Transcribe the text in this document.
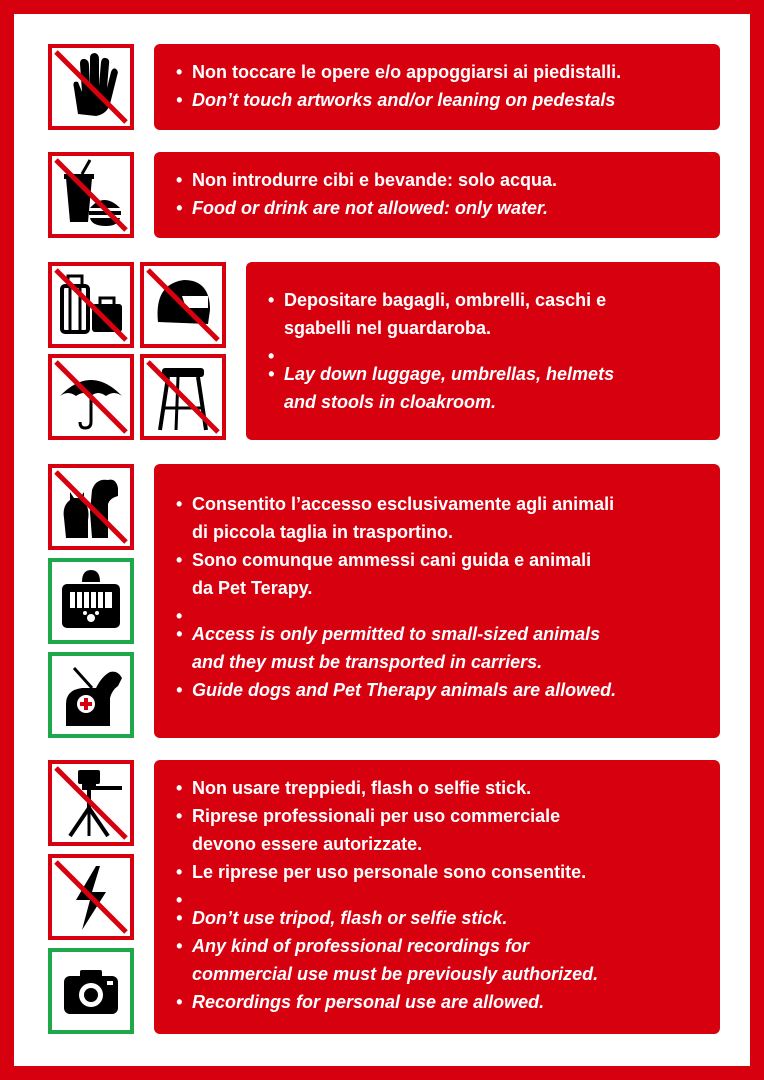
• Non toccare le opere e/o appoggiarsi ai piedistalli.
• Don’t touch artworks and/or leaning on pedestals
• Non introdurre cibi e bevande: solo acqua.
• Food or drink are not allowed: only water.
• Depositare bagagli, ombrelli, caschi e
sgabelli nel guardaroba.
•
• Lay down luggage, umbrellas, helmets
and stools in cloakroom.
• Consentito l’accesso esclusivamente agli animali
di piccola taglia in trasportino.
• Sono comunque ammessi cani guida e animali
da Pet Terapy.
•
• Access is only permitted to small-sized animals
and they must be transported in carriers.
• Guide dogs and Pet Therapy animals are allowed.
• Non usare treppiedi, flash o selfie stick.
• Riprese professionali per uso commerciale
devono essere autorizzate.
• Le riprese per uso personale sono consentite.
•
• Don’t use tripod, flash or selfie stick.
• Any kind of professional recordings for
commercial use must be previously authorized.
• Recordings for personal use are allowed.
